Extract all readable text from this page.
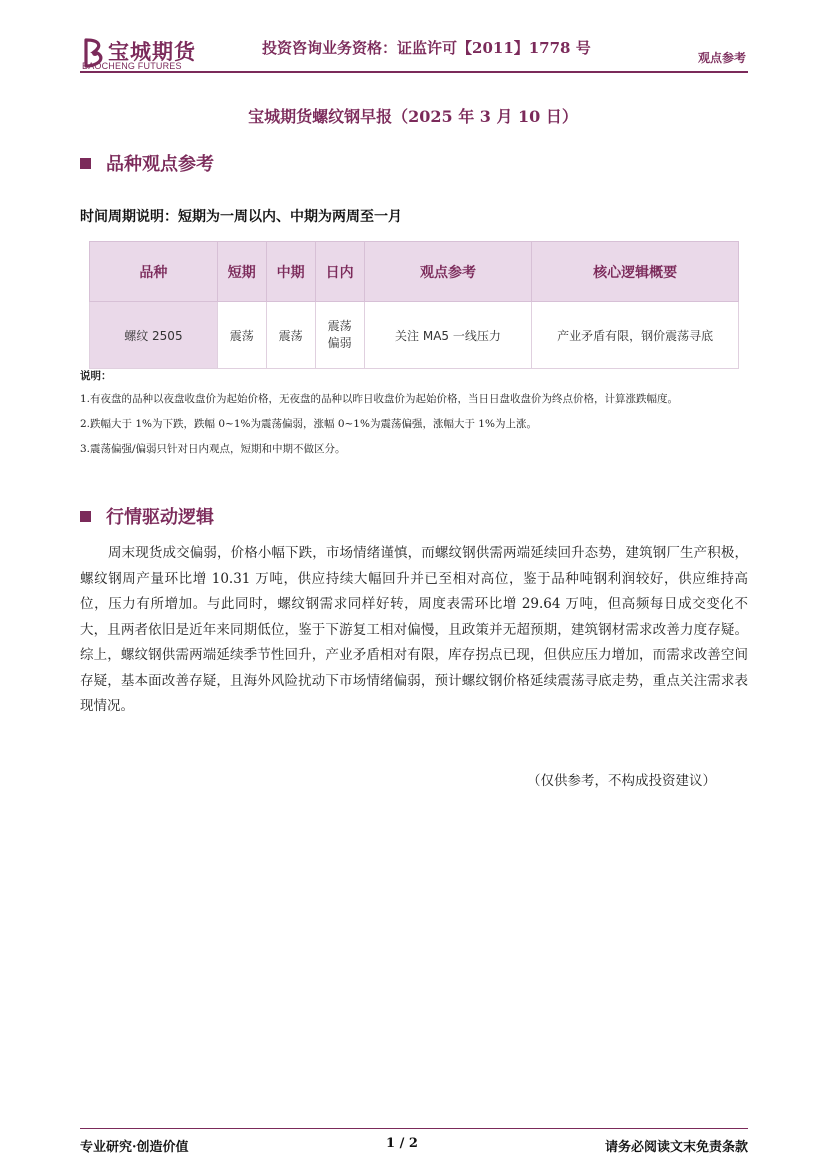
宝城期货
BAOCHENG FUTURES
投资咨询业务资格：证监许可【2011】1778 号
观点参考
宝城期货螺纹钢早报（2025 年 3 月 10 日）
品种观点参考
时间周期说明：短期为一周以内、中期为两周至一月
品种	短期	中期	日内	观点参考	核心逻辑概要
螺纹 2505	震荡	震荡	震荡偏弱	关注 MA5 一线压力	产业矛盾有限，钢价震荡寻底
说明：

1.有夜盘的品种以夜盘收盘价为起始价格，无夜盘的品种以昨日收盘价为起始价格，当日日盘收盘价为终点价格，计算涨跌幅度。

2.跌幅大于 1%为下跌，跌幅 0~1%为震荡偏弱，涨幅 0~1%为震荡偏强，涨幅大于 1%为上涨。

3.震荡偏强/偏弱只针对日内观点，短期和中期不做区分。

行情驱动逻辑

周末现货成交偏弱，价格小幅下跌，市场情绪谨慎，而螺纹钢供需两端延续回升态势，建筑钢厂生产积极，螺纹钢周产量环比增 10.31 万吨，供应持续大幅回升并已至相对高位，鉴于品种吨钢利润较好，供应维持高位，压力有所增加。与此同时，螺纹钢需求同样好转，周度表需环比增 29.64 万吨，但高频每日成交变化不大，且两者依旧是近年来同期低位，鉴于下游复工相对偏慢，且政策并无超预期，建筑钢材需求改善力度存疑。综上，螺纹钢供需两端延续季节性回升，产业矛盾相对有限，库存拐点已现，但供应压力增加，而需求改善空间存疑，基本面改善存疑，且海外风险扰动下市场情绪偏弱，预计螺纹钢价格延续震荡寻底走势，重点关注需求表现情况。

（仅供参考，不构成投资建议）
专业研究·创造价值	1 / 2	请务必阅读文末免责条款
